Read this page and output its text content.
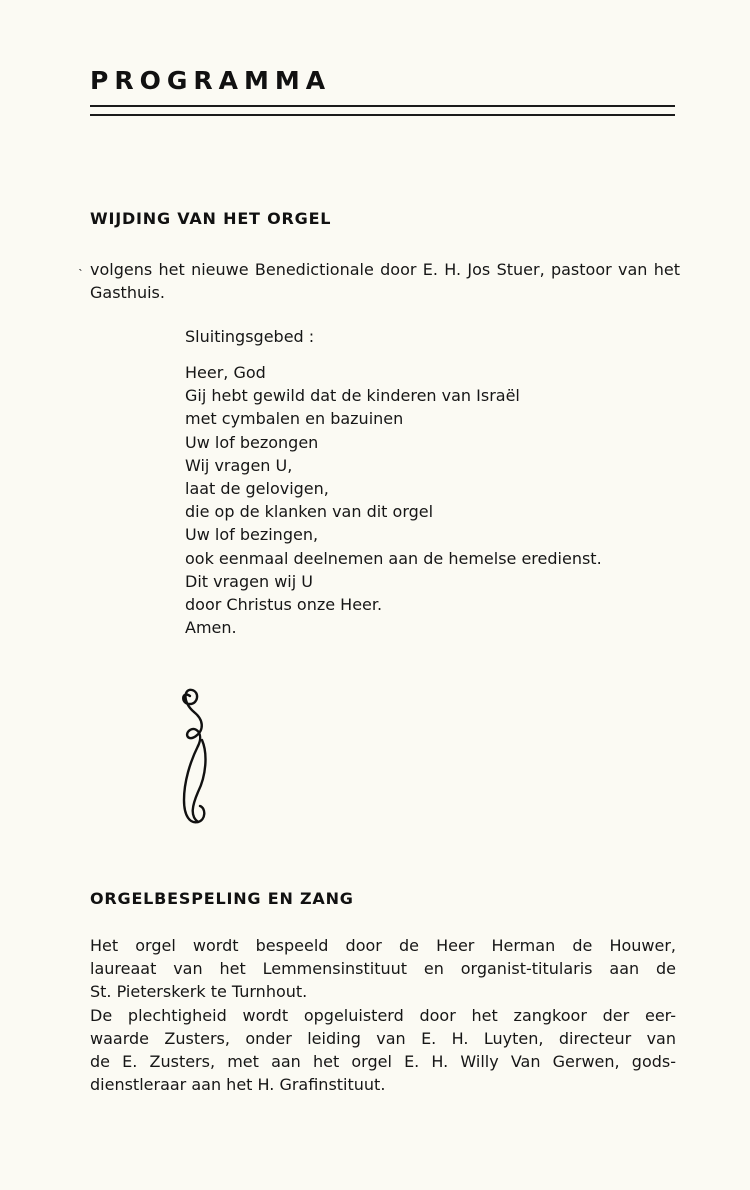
PROGRAMMA
WIJDING VAN HET ORGEL
˴ volgens het nieuwe Benedictionale door E. H. Jos Stuer, pastoor van het Gasthuis.
Sluitingsgebed :
Heer, God
Gij hebt gewild dat de kinderen van Israël
met cymbalen en bazuinen
Uw lof bezongen
Wij vragen U,
laat de gelovigen,
die op de klanken van dit orgel
Uw lof bezingen,
ook eenmaal deelnemen aan de hemelse eredienst.
Dit vragen wij U
door Christus onze Heer.
Amen.
ORGELBESPELING EN ZANG
Het orgel wordt bespeeld door de Heer Herman de Houwer,
laureaat van het Lemmensinstituut en organist-titularis aan de
St. Pieterskerk te Turnhout.
De plechtigheid wordt opgeluisterd door het zangkoor der eer-
waarde Zusters, onder leiding van E. H. Luyten, directeur van
de E. Zusters, met aan het orgel E. H. Willy Van Gerwen, gods-
dienstleraar aan het H. Grafinstituut.
